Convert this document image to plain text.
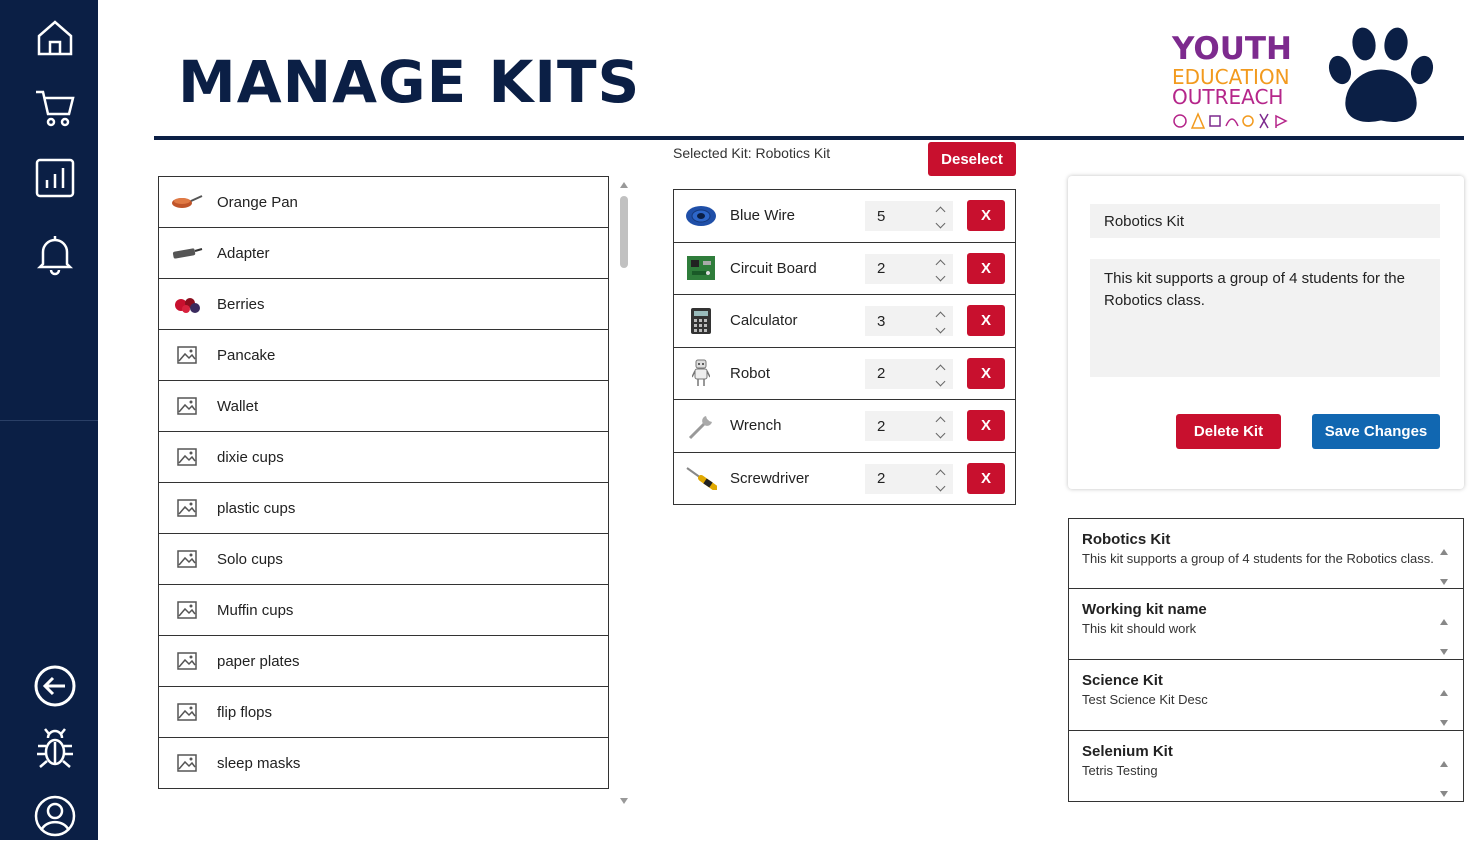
MANAGE KITS	YOUTH
EDUCATION
OUTREACH
Orange Pan
Adapter
Berries
Pancake
Wallet
dixie cups
plastic cups
Solo cups
Muffin cups
paper plates
flip flops
sleep masks
Selected Kit: Robotics Kit	Deselect
Blue Wire	5	X
Circuit Board	2	X
Calculator	3	X
Robot	2	X
Wrench	2	X
Screwdriver	2	X
Robotics Kit
This kit supports a group of 4 students for the Robotics class.
Delete Kit	Save Changes
Robotics Kit
This kit supports a group of 4 students for the Robotics class.
Working kit name
This kit should work
Science Kit
Test Science Kit Desc
Selenium Kit
Tetris Testing
